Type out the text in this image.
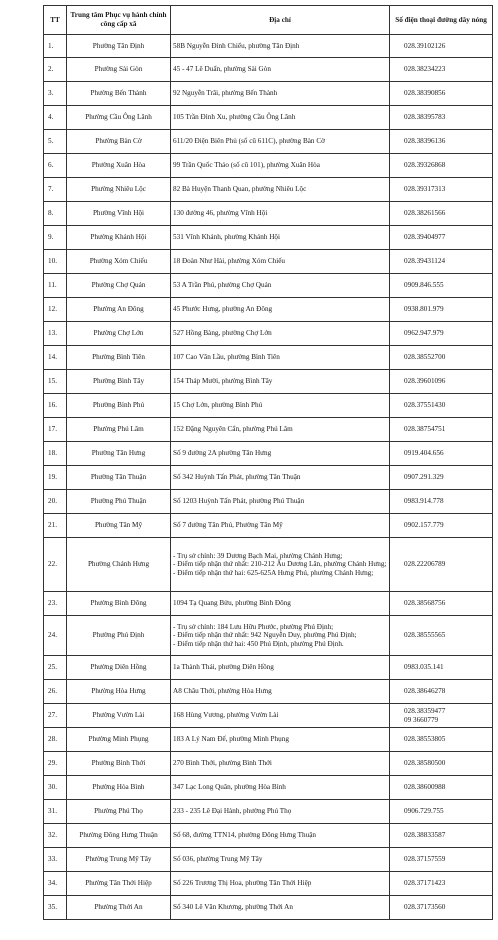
TT	Trung tâm Phục vụ hành chính công cấp xã	Địa chỉ	Số điện thoại đường dây nóng
1.	Phường Tân Định	58B Nguyễn Đình Chiểu, phường Tân Định	028.39102126

2.	Phường Sài Gòn	45 - 47 Lê Duẩn, phường Sài Gòn	028.38234223

3.	Phường Bến Thành	92 Nguyễn Trãi, phường Bến Thành	028.38390856

4.	Phường Cầu Ông Lãnh	105 Trần Đình Xu, phường Cầu Ông Lãnh	028.38395783

5.	Phường Bàn Cờ	611/20 Điện Biên Phủ (số cũ 611C), phường Bàn Cờ	028.38396136

6.	Phường Xuân Hòa	99 Trần Quốc Thảo (số cũ 101), phường Xuân Hòa	028.39326868

7.	Phường Nhiêu Lộc	82 Bà Huyện Thanh Quan, phường Nhiêu Lộc	028.39317313

8.	Phường Vĩnh Hội	130 đường 46, phường Vĩnh Hội	028.38261566

9.	Phường Khánh Hội	531 Vĩnh Khánh, phường Khánh Hội	028.39404977

10.	Phường Xóm Chiếu	18 Đoàn Như Hài, phường Xóm Chiếu	028.39431124

11.	Phường Chợ Quán	53 A Trần Phú, phường Chợ Quán	0909.846.555

12.	Phường An Đông	45 Phước Hưng, phường An Đông	0938.801.979

13.	Phường Chợ Lớn	527 Hồng Bàng, phường Chợ Lớn	0962.947.979

14.	Phường Bình Tiên	107 Cao Văn Lầu, phường Bình Tiên	028.38552700

15.	Phường Bình Tây	154 Tháp Mười, phường Bình Tây	028.39601096

16.	Phường Bình Phú	15 Chợ Lớn, phường Bình Phú	028.37551430

17.	Phường Phú Lâm	152 Đặng Nguyên Cẩn, phường Phú Lâm	028.38754751

18.	Phường Tân Hưng	Số 9 đường 2A phường Tân Hưng	0919.404.656

19.	Phường Tân Thuận	Số 342 Huỳnh Tấn Phát, phường Tân Thuận	0907.291.329

20.	Phường Phú Thuận	Số 1203 Huỳnh Tấn Phát, phường Phú Thuận	0983.914.778

21.	Phường Tân Mỹ	Số 7 đường Tân Phú, Phường Tân Mỹ	0902.157.779

22.	Phường Chánh Hưng	- Trụ sở chính: 39 Dương Bạch Mai, phường Chánh Hưng;
- Điểm tiếp nhận thứ nhất: 210-212 Âu Dương Lân, phường Chánh Hưng;
- Điểm tiếp nhận thứ hai: 625-625A Hưng Phú, phường Chánh Hưng;	028.22206789

23.	Phường Bình Đông	1094 Tạ Quang Bửu, phường Bình Đông	028.38568756

24.	Phường Phú Định	- Trụ sở chính: 184 Lưu Hữu Phước, phường Phú Định;
- Điểm tiếp nhận thứ nhất: 942 Nguyễn Duy, phường Phú Định;
- Điểm tiếp nhận thứ hai: 450 Phú Định, phường Phú Định.	028.38555565

25.	Phường Diên Hồng	1a Thành Thái, phường Diên Hồng	0983.035.141

26.	Phường Hòa Hưng	A8 Châu Thới, phường Hòa Hưng	028.38646278

27.	Phường Vườn Lài	168 Hùng Vương, phường Vườn Lài	028.38359477
09 3660779

28.	Phường Minh Phụng	183 A Lý Nam Đế, phường Minh Phụng	028.38553805

29.	Phường Bình Thới	270 Bình Thới, phường Bình Thới	028.38580500

30.	Phường Hòa Bình	347 Lạc Long Quân, phường Hòa Bình	028.38600988

31.	Phường Phú Thọ	233 - 235 Lê Đại Hành, phường Phú Thọ	0906.729.755

32.	Phường Đông Hưng Thuận	Số 68, đường TTN14, phường Đông Hưng Thuận	028.38833587

33.	Phường Trung Mỹ Tây	Số 036, phường Trung Mỹ Tây	028.37157559

34.	Phường Tân Thới Hiệp	Số 226 Trương Thị Hoa, phường Tân Thới Hiệp	028.37171423

35.	Phường Thới An	Số 340 Lê Văn Khương, phường Thới An	028.37173560
